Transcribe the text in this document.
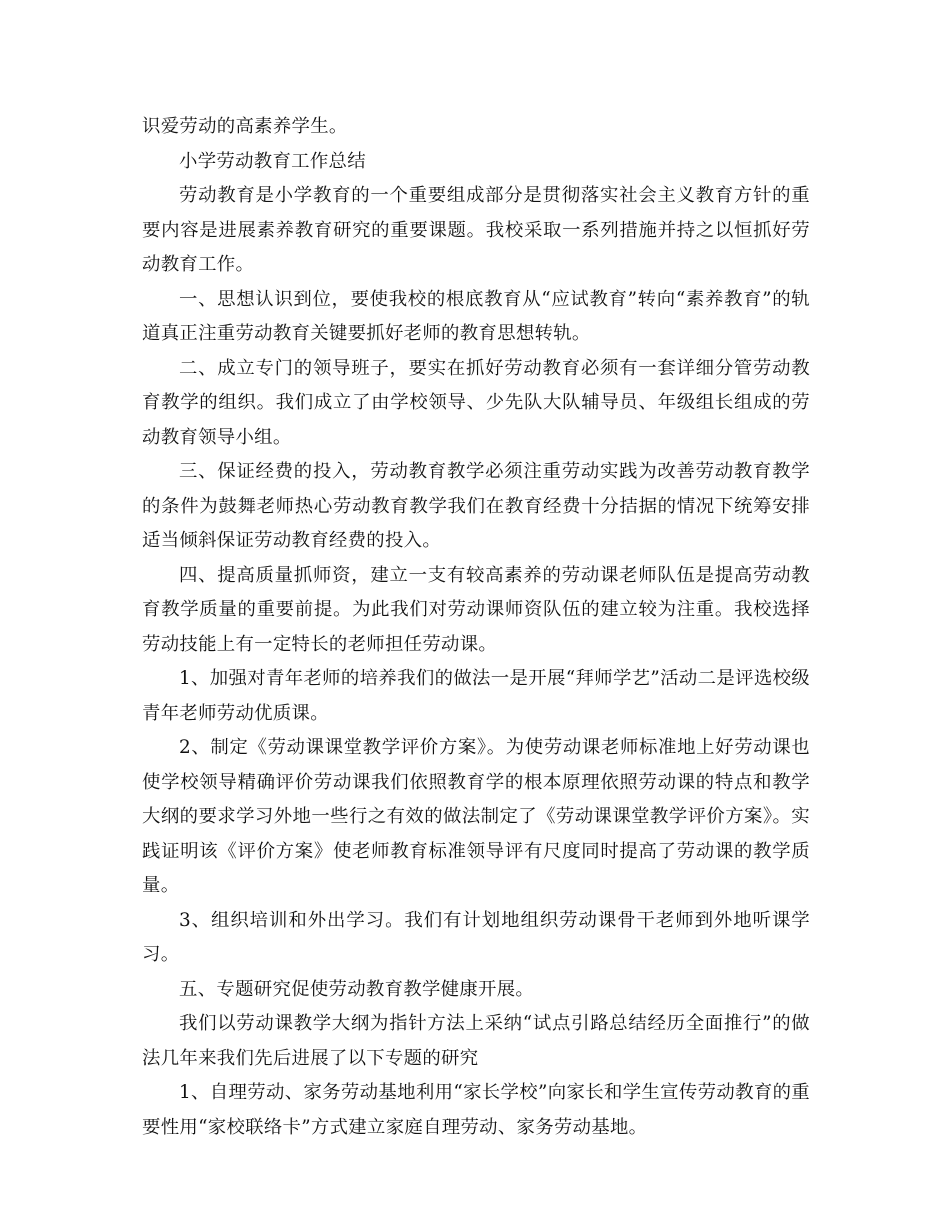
识爱劳动的高素养学生。

小学劳动教育工作总结

劳动教育是小学教育的一个重要组成部分是贯彻落实社会主义教育方针的重要内容是进展素养教育研究的重要课题。我校采取一系列措施并持之以恒抓好劳动教育工作。

一、思想认识到位，要使我校的根底教育从“应试教育”转向“素养教育”的轨道真正注重劳动教育关键要抓好老师的教育思想转轨。

二、成立专门的领导班子，要实在抓好劳动教育必须有一套详细分管劳动教育教学的组织。我们成立了由学校领导、少先队大队辅导员、年级组长组成的劳动教育领导小组。

三、保证经费的投入，劳动教育教学必须注重劳动实践为改善劳动教育教学的条件为鼓舞老师热心劳动教育教学我们在教育经费十分拮据的情况下统筹安排适当倾斜保证劳动教育经费的投入。

四、提高质量抓师资，建立一支有较高素养的劳动课老师队伍是提高劳动教育教学质量的重要前提。为此我们对劳动课师资队伍的建立较为注重。我校选择劳动技能上有一定特长的老师担任劳动课。

1、加强对青年老师的培养我们的做法一是开展“拜师学艺”活动二是评选校级青年老师劳动优质课。

2、制定《劳动课课堂教学评价方案》。为使劳动课老师标准地上好劳动课也使学校领导精确评价劳动课我们依照教育学的根本原理依照劳动课的特点和教学大纲的要求学习外地一些行之有效的做法制定了《劳动课课堂教学评价方案》。实践证明该《评价方案》使老师教育标准领导评有尺度同时提高了劳动课的教学质量。

3、组织培训和外出学习。我们有计划地组织劳动课骨干老师到外地听课学习。

五、专题研究促使劳动教育教学健康开展。

我们以劳动课教学大纲为指针方法上采纳“试点引路总结经历全面推行”的做法几年来我们先后进展了以下专题的研究

1、自理劳动、家务劳动基地利用“家长学校”向家长和学生宣传劳动教育的重要性用“家校联络卡”方式建立家庭自理劳动、家务劳动基地。
